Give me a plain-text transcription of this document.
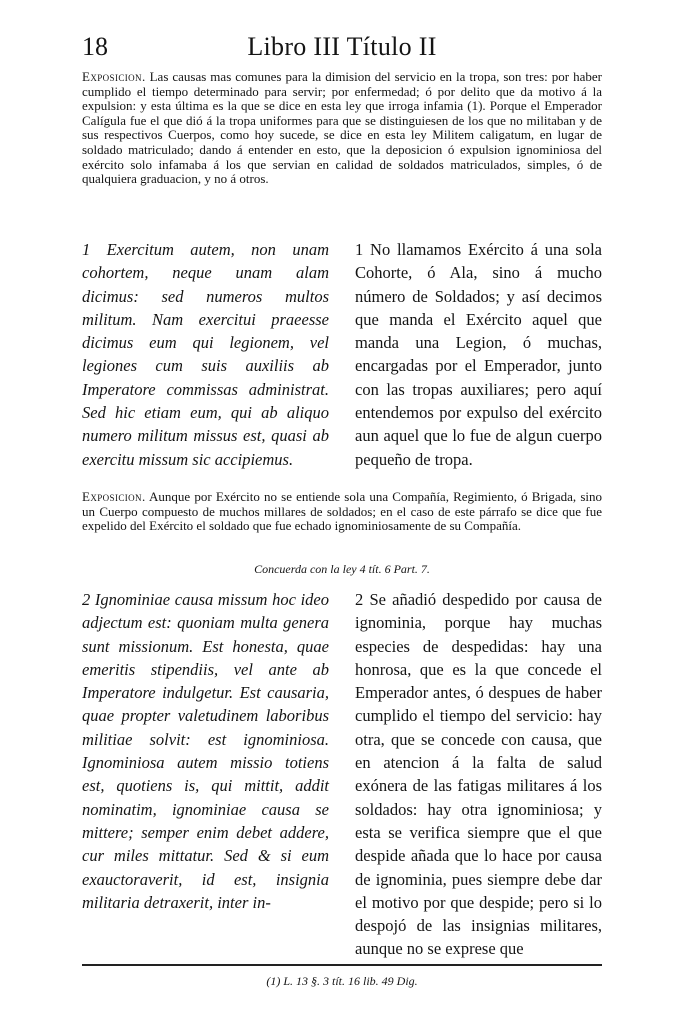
18	Libro III Título II

Exposicion. Las causas mas comunes para la dimision del servicio en la tropa, son tres: por haber cumplido el tiempo determinado para servir; por enfermedad; ó por delito que da motivo á la expulsion: y esta última es la que se dice en esta ley que irroga infamia (1). Porque el Emperador Calígula fue el que dió á la tropa uniformes para que se distinguiesen de los que no militaban y de sus respectivos Cuerpos, como hoy sucede, se dice en esta ley Militem caligatum, en lugar de soldado matriculado; dando á entender en esto, que la deposicion ó expulsion ignominiosa del exército solo infamaba á los que servian en calidad de soldados matriculados, simples, ó de qualquiera graduacion, y no á otros.

1 Exercitum autem, non unam cohortem, neque unam alam dicimus: sed numeros multos militum. Nam exercitui praeesse dicimus eum qui legionem, vel legiones cum suis auxiliis ab Imperatore commissas administrat. Sed hic etiam eum, qui ab aliquo numero militum missus est, quasi ab exercitu missum sic accipiemus.
1 No llamamos Exército á una sola Cohorte, ó Ala, sino á mucho número de Soldados; y así decimos que manda el Exército aquel que manda una Legion, ó muchas, encargadas por el Emperador, junto con las tropas auxiliares; pero aquí entendemos por expulso del exército aun aquel que lo fue de algun cuerpo pequeño de tropa.

Exposicion. Aunque por Exército no se entiende sola una Compañía, Regimiento, ó Brigada, sino un Cuerpo compuesto de muchos millares de soldados; en el caso de este párrafo se dice que fue expelido del Exército el soldado que fue echado ignominiosamente de su Compañía.

Concuerda con la ley 4 tít. 6 Part. 7.

2 Ignominiae causa missum hoc ideo adjectum est: quoniam multa genera sunt missionum. Est honesta, quae emeritis stipendiis, vel ante ab Imperatore indulgetur. Est causaria, quae propter valetudinem laboribus militiae solvit: est ignominiosa. Ignominiosa autem missio totiens est, quotiens is, qui mittit, addit nominatim, ignominiae causa se mittere; semper enim debet addere, cur miles mittatur. Sed & si eum exauctoraverit, id est, insignia militaria detraxerit, inter in-
2 Se añadió despedido por causa de ignominia, porque hay muchas especies de despedidas: hay una honrosa, que es la que concede el Emperador antes, ó despues de haber cumplido el tiempo del servicio: hay otra, que se concede con causa, que en atencion á la falta de salud exónera de las fatigas militares á los soldados: hay otra ignominiosa; y esta se verifica siempre que el que despide añada que lo hace por causa de ignominia, pues siempre debe dar el motivo por que despide; pero si lo despojó de las insignias militares, aunque no se exprese que

(1) L. 13 §. 3 tít. 16 lib. 49 Dig.
